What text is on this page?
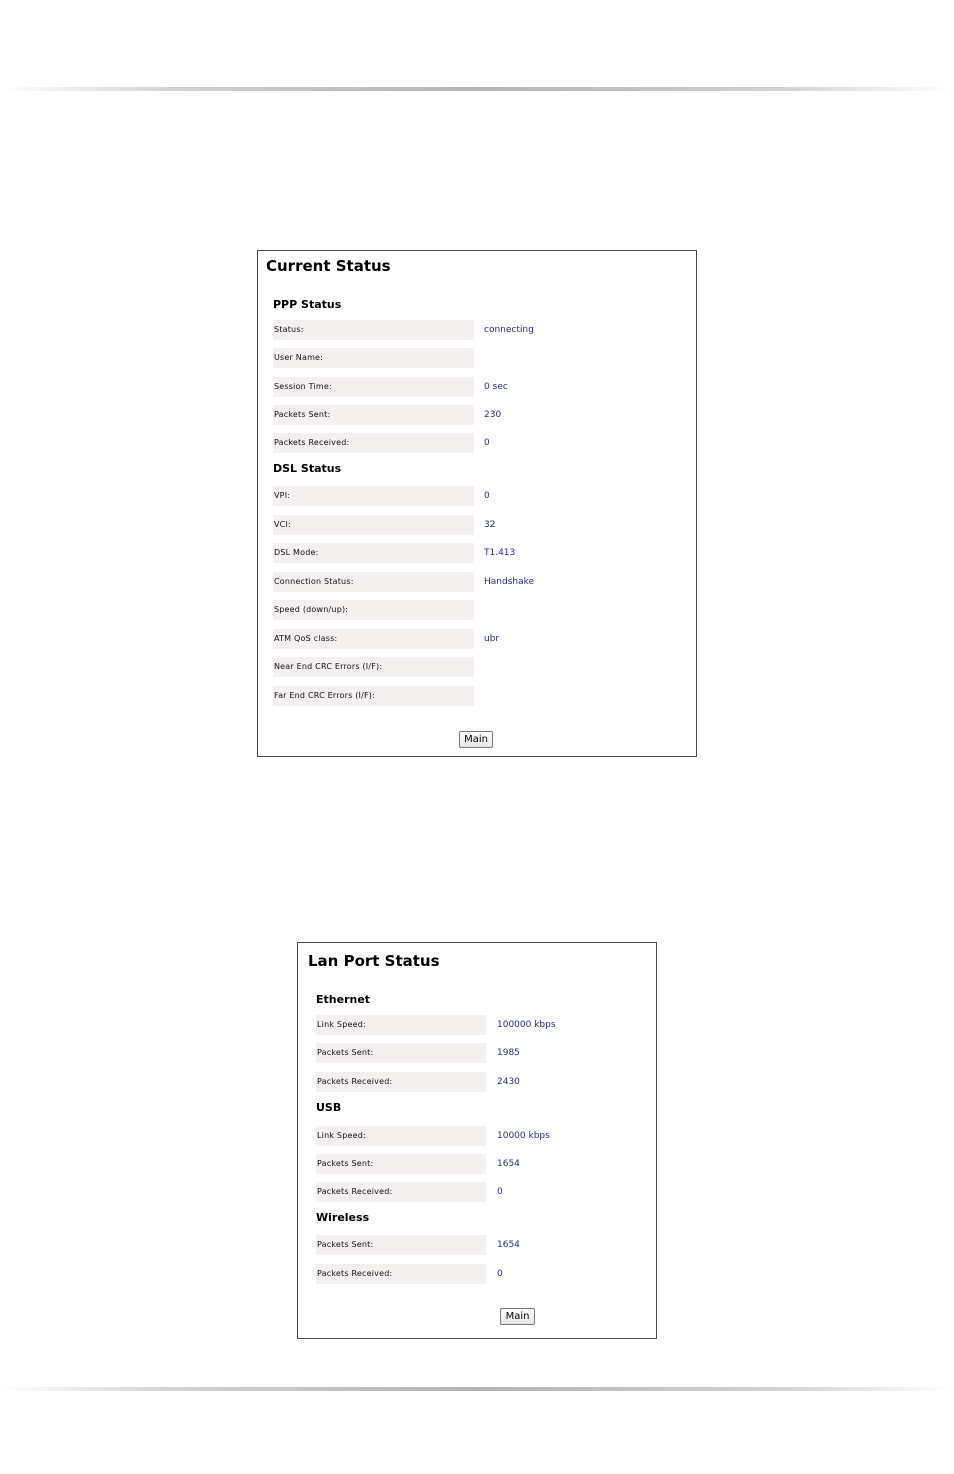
Current Status
PPP Status
Status:	connecting
User Name:
Session Time:	0 sec
Packets Sent:	230
Packets Received:	0
DSL Status
VPI:	0
VCI:	32
DSL Mode:	T1.413
Connection Status:	Handshake
Speed (down/up):
ATM QoS class:	ubr
Near End CRC Errors (I/F):
Far End CRC Errors (I/F):
Main
Lan Port Status
Ethernet
Link Speed:	100000 kbps
Packets Sent:	1985
Packets Received:	2430
USB
Link Speed:	10000 kbps
Packets Sent:	1654
Packets Received:	0
Wireless
Packets Sent:	1654
Packets Received:	0
Main
